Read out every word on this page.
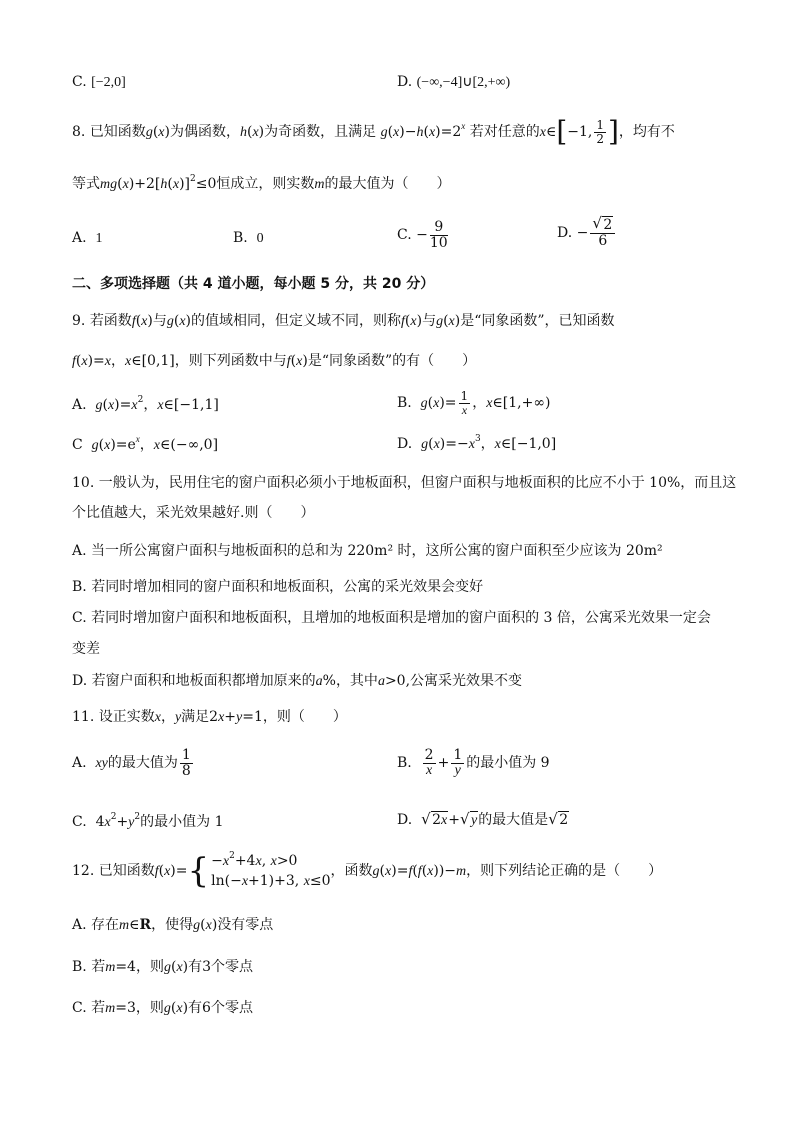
C. [−2,0]	D. (−∞,−4]∪[2,+∞)
8. 已知函数g(x)为偶函数，h(x)为奇函数，且满足 $g(x)-h(x)=2^x$ 若对任意的x∈[−1, $\frac{1}{2}$ ]，均有不
等式$mg(x)+2[h(x)]^2\le 0$恒成立，则实数m的最大值为（　　）
A. 1	B. 0	C. − $\frac{9}{10}$	D. − √ $\frac{2}{6}$
二、多项选择题（共 4 道小题，每小题 5 分，共 20 分）
9. 若函数f(x)与g(x)的值域相同，但定义域不同，则称f(x)与g(x)是“同象函数”，已知函数
f(x)=x，x∈[0,1]，则下列函数中与f(x)是“同象函数”的有（　　）
A. $g(x)=x^2$，x∈[−1,1]	B. $g(x)= \frac{1}{x}$ ，x∈[1,+∞)
C $g(x)=e^x$，x∈(−∞,0]	D. $g(x)=-x^3$，x∈[−1,0]
10. 一般认为，民用住宅的窗户面积必须小于地板面积，但窗户面积与地板面积的比应不小于 10%，而且这
个比值越大，采光效果越好.则（　　）
A. 当一所公寓窗户面积与地板面积的总和为 220m² 时，这所公寓的窗户面积至少应该为 20m²
B. 若同时增加相同的窗户面积和地板面积，公寓的采光效果会变好
C. 若同时增加窗户面积和地板面积，且增加的地板面积是增加的窗户面积的 3 倍，公寓采光效果一定会
变差
D. 若窗户面积和地板面积都增加原来的a%，其中a>0,公寓采光效果不变
11. 设正实数x，y满足2x+y=1，则（　　）
A. xy的最大值为 $\frac{1}{8}$	B. $\frac{2}{x} + \frac{1}{y}$ 的最小值为 9
C.  $4x^2+y^2$的最小值为 1	D. √ 2x+ √ y的最大值是 √ 2
12. 已知函数$f(x)=\{ -x^2+4x$, x>0
ln(−x+1)+3, x≤0
，函数g(x)=f(f(x))−m，则下列结论正确的是（　　）
A. 存在m∈R，使得g(x)没有零点
B. 若m=4，则g(x)有3个零点
C. 若m=3，则g(x)有6个零点
